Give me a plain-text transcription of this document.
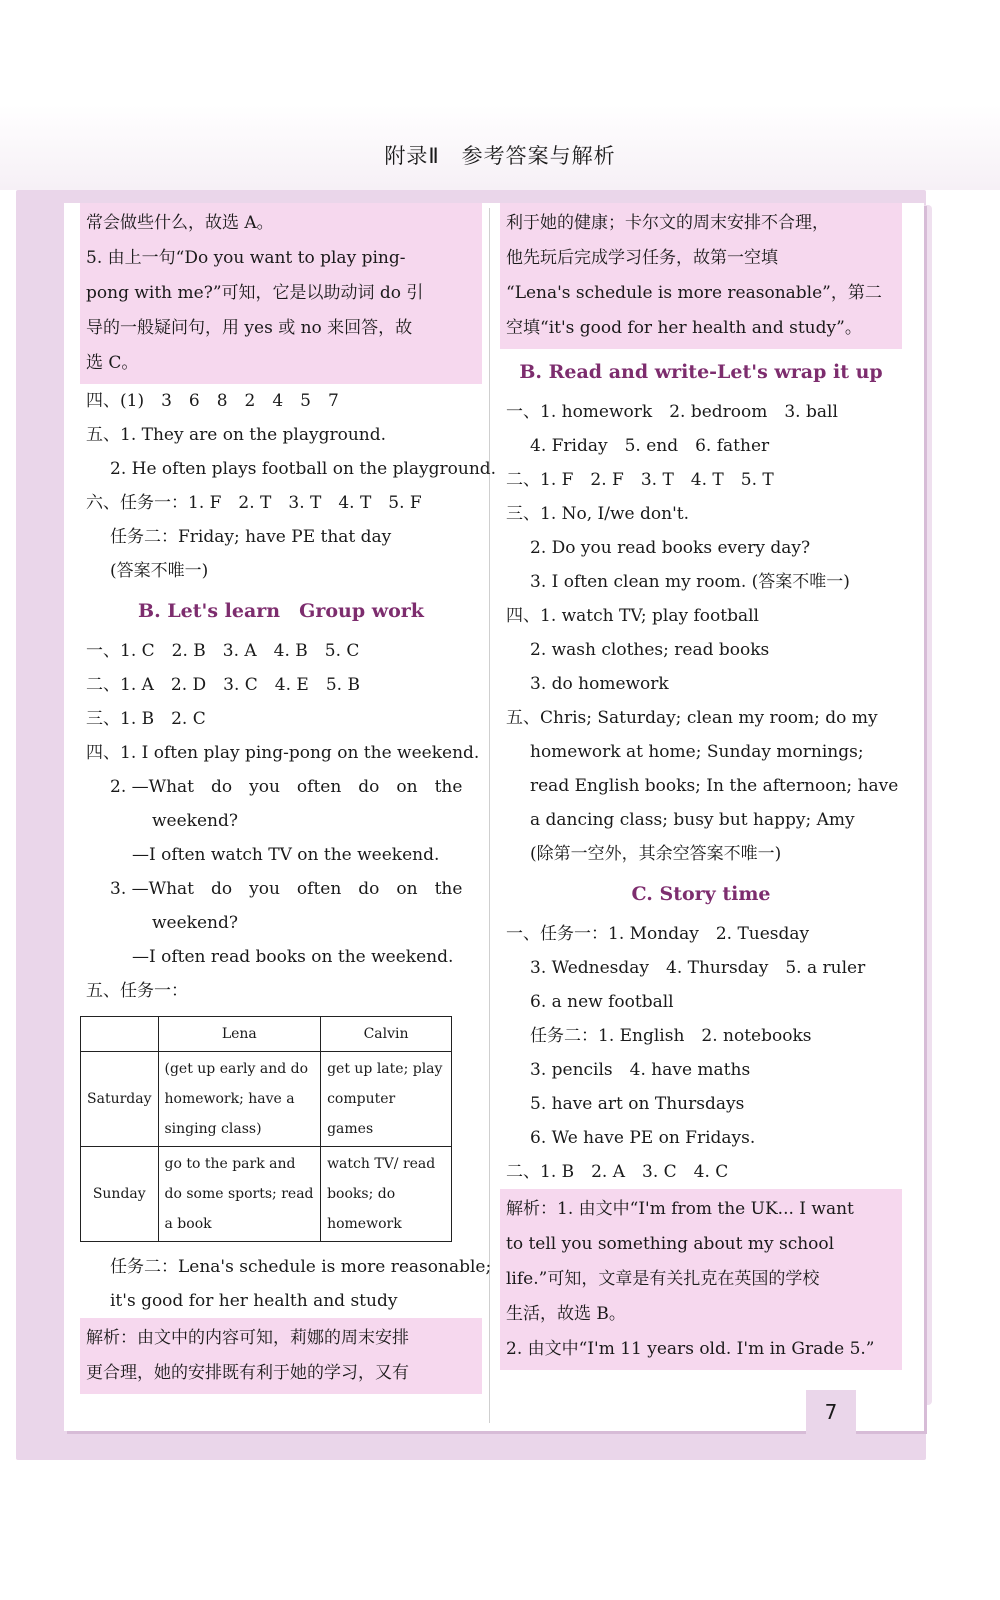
附录Ⅱ　参考答案与解析
常会做些什么，故选 A。
5. 由上一句“Do you want to play ping-
pong with me?”可知，它是以助动词 do 引
导的一般疑问句，用 yes 或 no 来回答，故
选 C。
四、(1)　3　6　8　2　4　5　7
五、1. They are on the playground.
2. He often plays football on the playground.
六、任务一：1. F　2. T　3. T　4. T　5. F
任务二：Friday; have PE that day
(答案不唯一)
B. Let's learn　Group work
一、1. C　2. B　3. A　4. B　5. C
二、1. A　2. D　3. C　4. E　5. B
三、1. B　2. C
四、1. I often play ping-pong on the weekend.
2. —What　do　you　often　do　on　the
weekend?
—I often watch TV on the weekend.
3. —What　do　you　often　do　on　the
weekend?
—I often read books on the weekend.
五、任务一：
	Lena	Calvin
Saturday	(get up early and do homework; have a singing class)	get up late; play computer games
Sunday	go to the park and do some sports; read a book	watch TV/ read books; do homework
任务二：Lena's schedule is more reasonable;
it's good for her health and study
解析：由文中的内容可知，莉娜的周末安排
更合理，她的安排既有利于她的学习，又有
利于她的健康；卡尔文的周末安排不合理，
他先玩后完成学习任务，故第一空填
“Lena's schedule is more reasonable”，第二
空填“it's good for her health and study”。
B. Read and write-Let's wrap it up
一、1. homework　2. bedroom　3. ball
4. Friday　5. end　6. father
二、1. F　2. F　3. T　4. T　5. T
三、1. No, I/we don't.
2. Do you read books every day?
3. I often clean my room. (答案不唯一)
四、1. watch TV; play football
2. wash clothes; read books
3. do homework
五、Chris; Saturday; clean my room; do my
homework at home; Sunday mornings;
read English books; In the afternoon; have
a dancing class; busy but happy; Amy
(除第一空外，其余空答案不唯一)
C. Story time
一、任务一：1. Monday　2. Tuesday
3. Wednesday　4. Thursday　5. a ruler
6. a new football
任务二：1. English　2. notebooks
3. pencils　4. have maths
5. have art on Thursdays
6. We have PE on Fridays.
二、1. B　2. A　3. C　4. C
解析：1. 由文中“I'm from the UK... I want
to tell you something about my school
life.”可知，文章是有关扎克在英国的学校
生活，故选 B。
2. 由文中“I'm 11 years old. I'm in Grade 5.”
7
